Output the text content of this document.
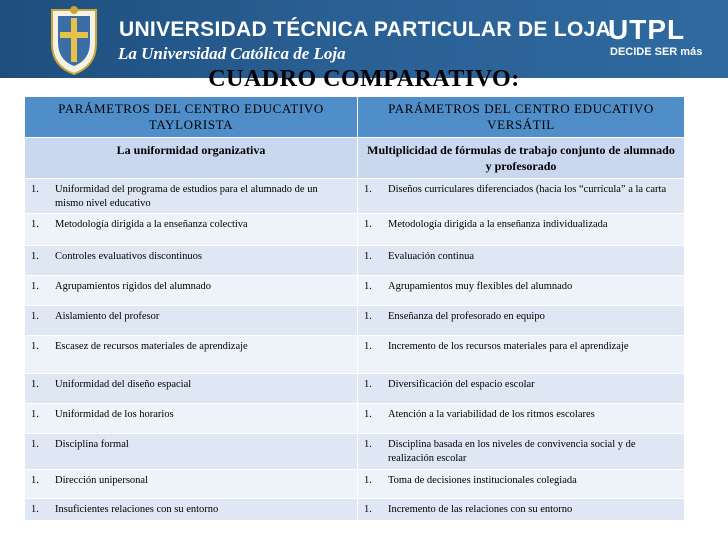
UNIVERSIDAD TÉCNICA PARTICULAR DE LOJA
La Universidad Católica de Loja
UTPL
DECIDE SER más
CUADRO COMPARATIVO:
PARÁMETROS DEL CENTRO EDUCATIVO TAYLORISTA	PARÁMETROS DEL CENTRO EDUCATIVO VERSÁTIL
La uniformidad organizativa	Multiplicidad de fórmulas de trabajo conjunto de alumnado y profesorado
1. Uniformidad del programa de estudios para el alumnado de un mismo nivel educativo	1. Diseños curriculares diferenciados (hacia los “currícula” a la carta
1. Metodología dirigida a la enseñanza colectiva	1. Metodología dirigida a la enseñanza individualizada
1. Controles evaluativos discontinuos	1. Evaluación continua
1. Agrupamientos rígidos del alumnado	1. Agrupamientos muy flexibles del alumnado
1. Aislamiento del profesor	1. Enseñanza del profesorado en equipo
1. Escasez de recursos materiales de aprendizaje	1. Incremento de los recursos materiales para el aprendizaje
1. Uniformidad del diseño espacial	1. Diversificación del espacio escolar
1. Uniformidad de los horarios	1. Atención a la variabilidad de los ritmos escolares
1. Disciplina formal	1. Disciplina basada en los niveles de convivencia social y de realización escolar
1. Dirección unipersonal	1. Toma de decisiones institucionales colegiada
1. Insuficientes relaciones con su entorno	1. Incremento de las relaciones con su entorno
